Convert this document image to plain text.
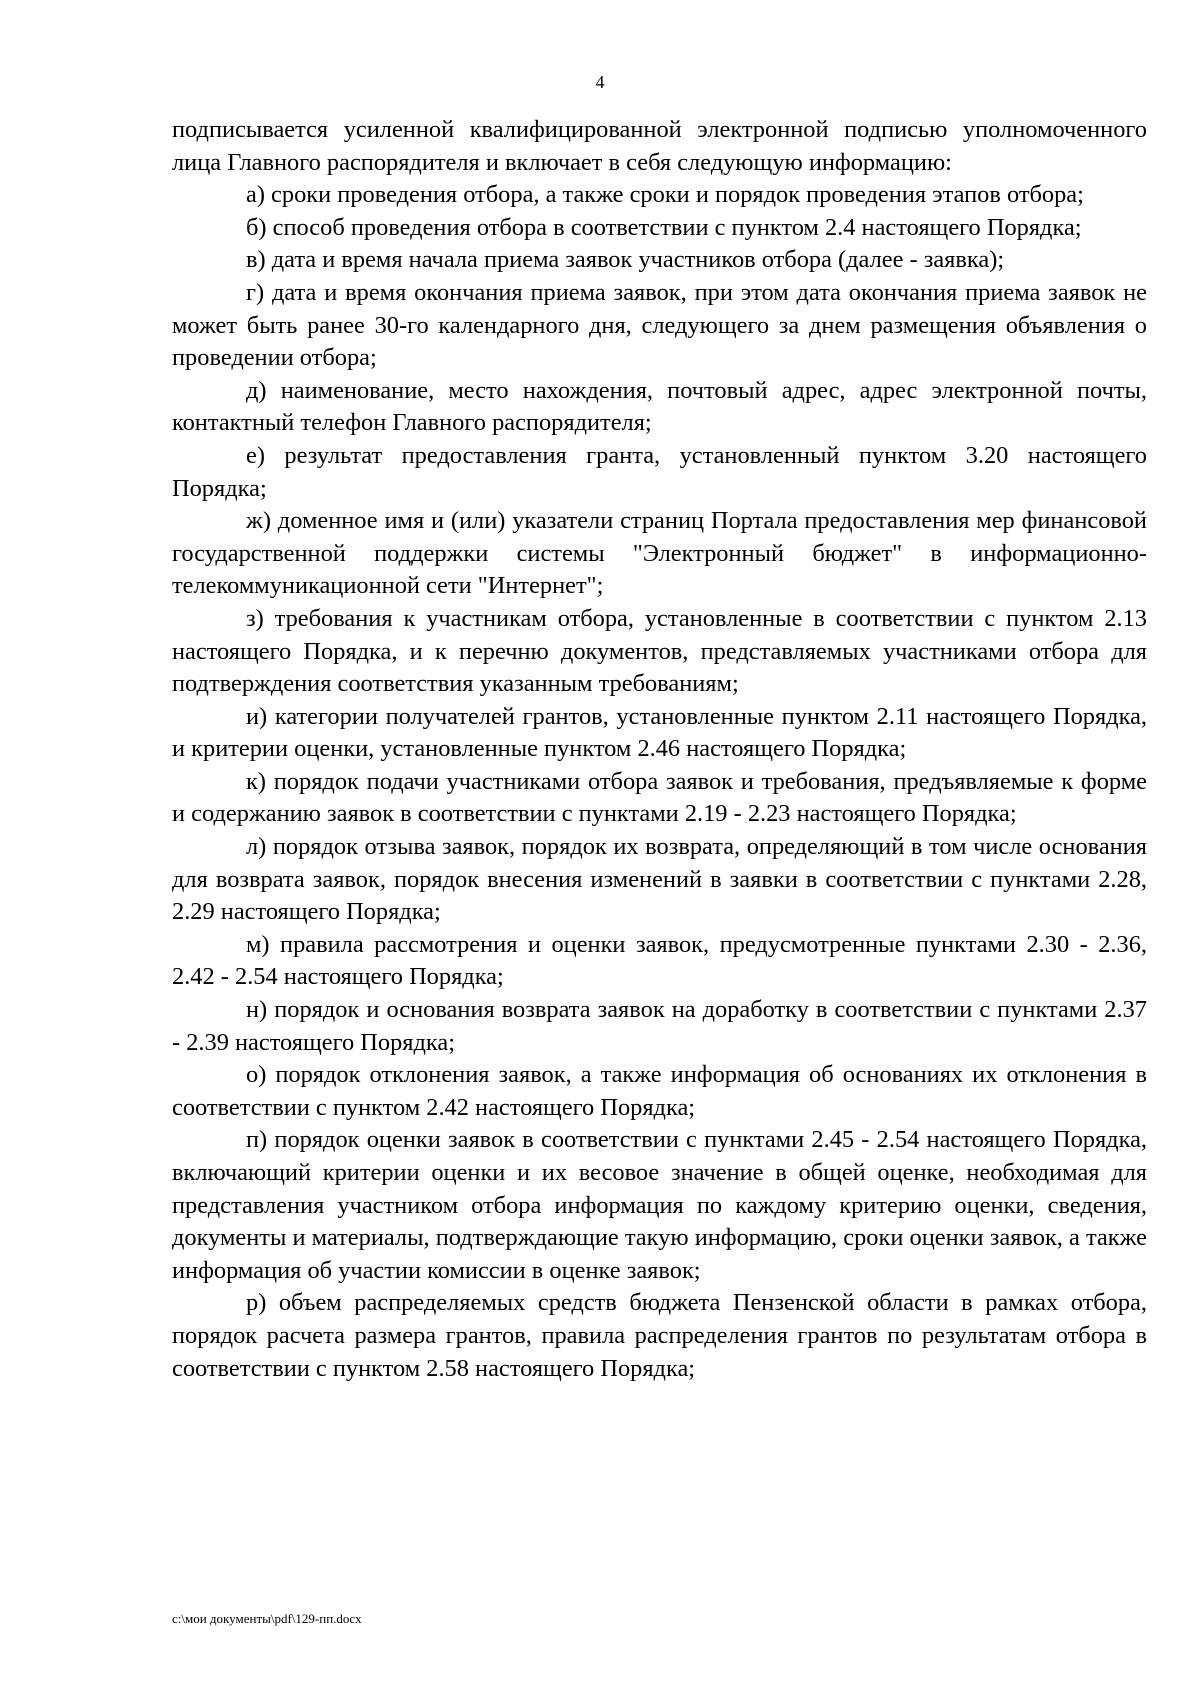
4

подписывается усиленной квалифицированной электронной подписью уполномоченного лица Главного распорядителя и включает в себя следующую информацию:

а) сроки проведения отбора, а также сроки и порядок проведения этапов отбора;

б) способ проведения отбора в соответствии с пунктом 2.4 настоящего Порядка;

в) дата и время начала приема заявок участников отбора (далее - заявка);

г) дата и время окончания приема заявок, при этом дата окончания приема заявок не может быть ранее 30-го календарного дня, следующего за днем размещения объявления о проведении отбора;

д) наименование, место нахождения, почтовый адрес, адрес электронной почты, контактный телефон Главного распорядителя;

е) результат предоставления гранта, установленный пунктом 3.20 настоящего Порядка;

ж) доменное имя и (или) указатели страниц Портала предоставления мер финансовой государственной поддержки системы "Электронный бюджет" в информационно-телекоммуникационной сети "Интернет";

з) требования к участникам отбора, установленные в соответствии с пунктом 2.13 настоящего Порядка, и к перечню документов, представляемых участниками отбора для подтверждения соответствия указанным требованиям;

и) категории получателей грантов, установленные пунктом 2.11 настоящего Порядка, и критерии оценки, установленные пунктом 2.46 настоящего Порядка;

к) порядок подачи участниками отбора заявок и требования, предъявляемые к форме и содержанию заявок в соответствии с пунктами 2.19 - 2.23 настоящего Порядка;

л) порядок отзыва заявок, порядок их возврата, определяющий в том числе основания для возврата заявок, порядок внесения изменений в заявки в соответствии с пунктами 2.28, 2.29 настоящего Порядка;

м) правила рассмотрения и оценки заявок, предусмотренные пунктами 2.30 - 2.36, 2.42 - 2.54 настоящего Порядка;

н) порядок и основания возврата заявок на доработку в соответствии с пунктами 2.37 - 2.39 настоящего Порядка;

о) порядок отклонения заявок, а также информация об основаниях их отклонения в соответствии с пунктом 2.42 настоящего Порядка;

п) порядок оценки заявок в соответствии с пунктами 2.45 - 2.54 настоящего Порядка, включающий критерии оценки и их весовое значение в общей оценке, необходимая для представления участником отбора информация по каждому критерию оценки, сведения, документы и материалы, подтверждающие такую информацию, сроки оценки заявок, а также информация об участии комиссии в оценке заявок;

р) объем распределяемых средств бюджета Пензенской области в рамках отбора, порядок расчета размера грантов, правила распределения грантов по результатам отбора в соответствии с пунктом 2.58 настоящего Порядка;

c:\мои документы\pdf\129-пп.docx
